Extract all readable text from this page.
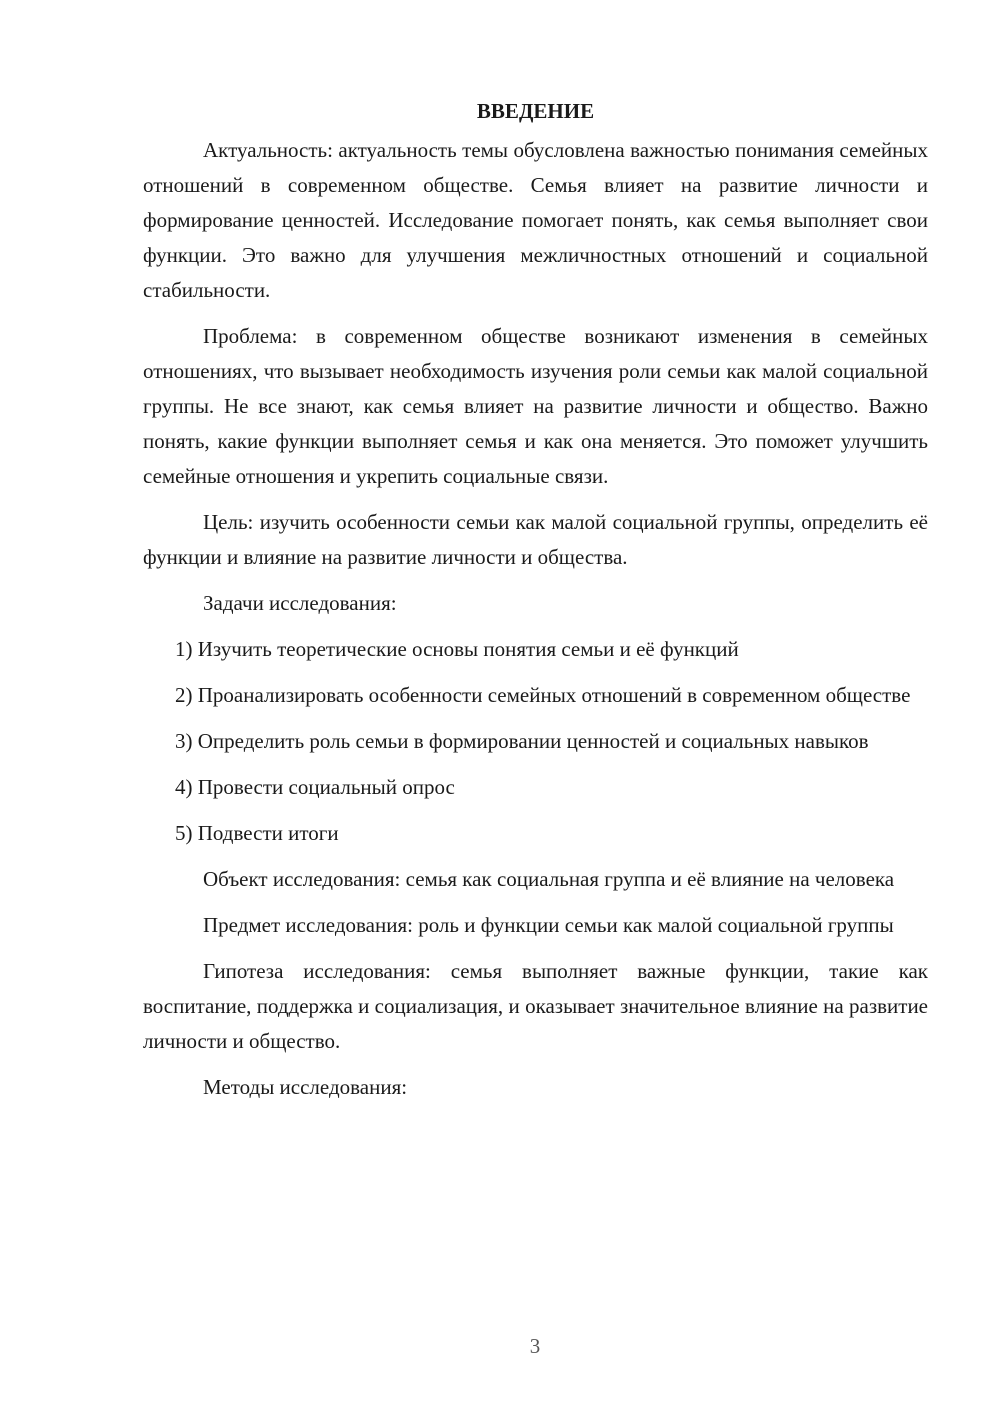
ВВЕДЕНИЕ

Актуальность: актуальность темы обусловлена важностью понимания семейных отношений в современном обществе. Семья влияет на развитие личности и формирование ценностей. Исследование помогает понять, как семья выполняет свои функции. Это важно для улучшения межличностных отношений и социальной стабильности.

Проблема: в современном обществе возникают изменения в семейных отношениях, что вызывает необходимость изучения роли семьи как малой социальной группы. Не все знают, как семья влияет на развитие личности и общество. Важно понять, какие функции выполняет семья и как она меняется. Это поможет улучшить семейные отношения и укрепить социальные связи.

Цель: изучить особенности семьи как малой социальной группы, определить её функции и влияние на развитие личности и общества.

Задачи исследования:

1) Изучить теоретические основы понятия семьи и её функций

2) Проанализировать особенности семейных отношений в современном обществе

3) Определить роль семьи в формировании ценностей и социальных навыков

4) Провести социальный опрос

5) Подвести итоги

Объект исследования: семья как социальная группа и её влияние на человека

Предмет исследования: роль и функции семьи как малой социальной группы

Гипотеза исследования: семья выполняет важные функции, такие как воспитание, поддержка и социализация, и оказывает значительное влияние на развитие личности и общество.

Методы исследования:

3
